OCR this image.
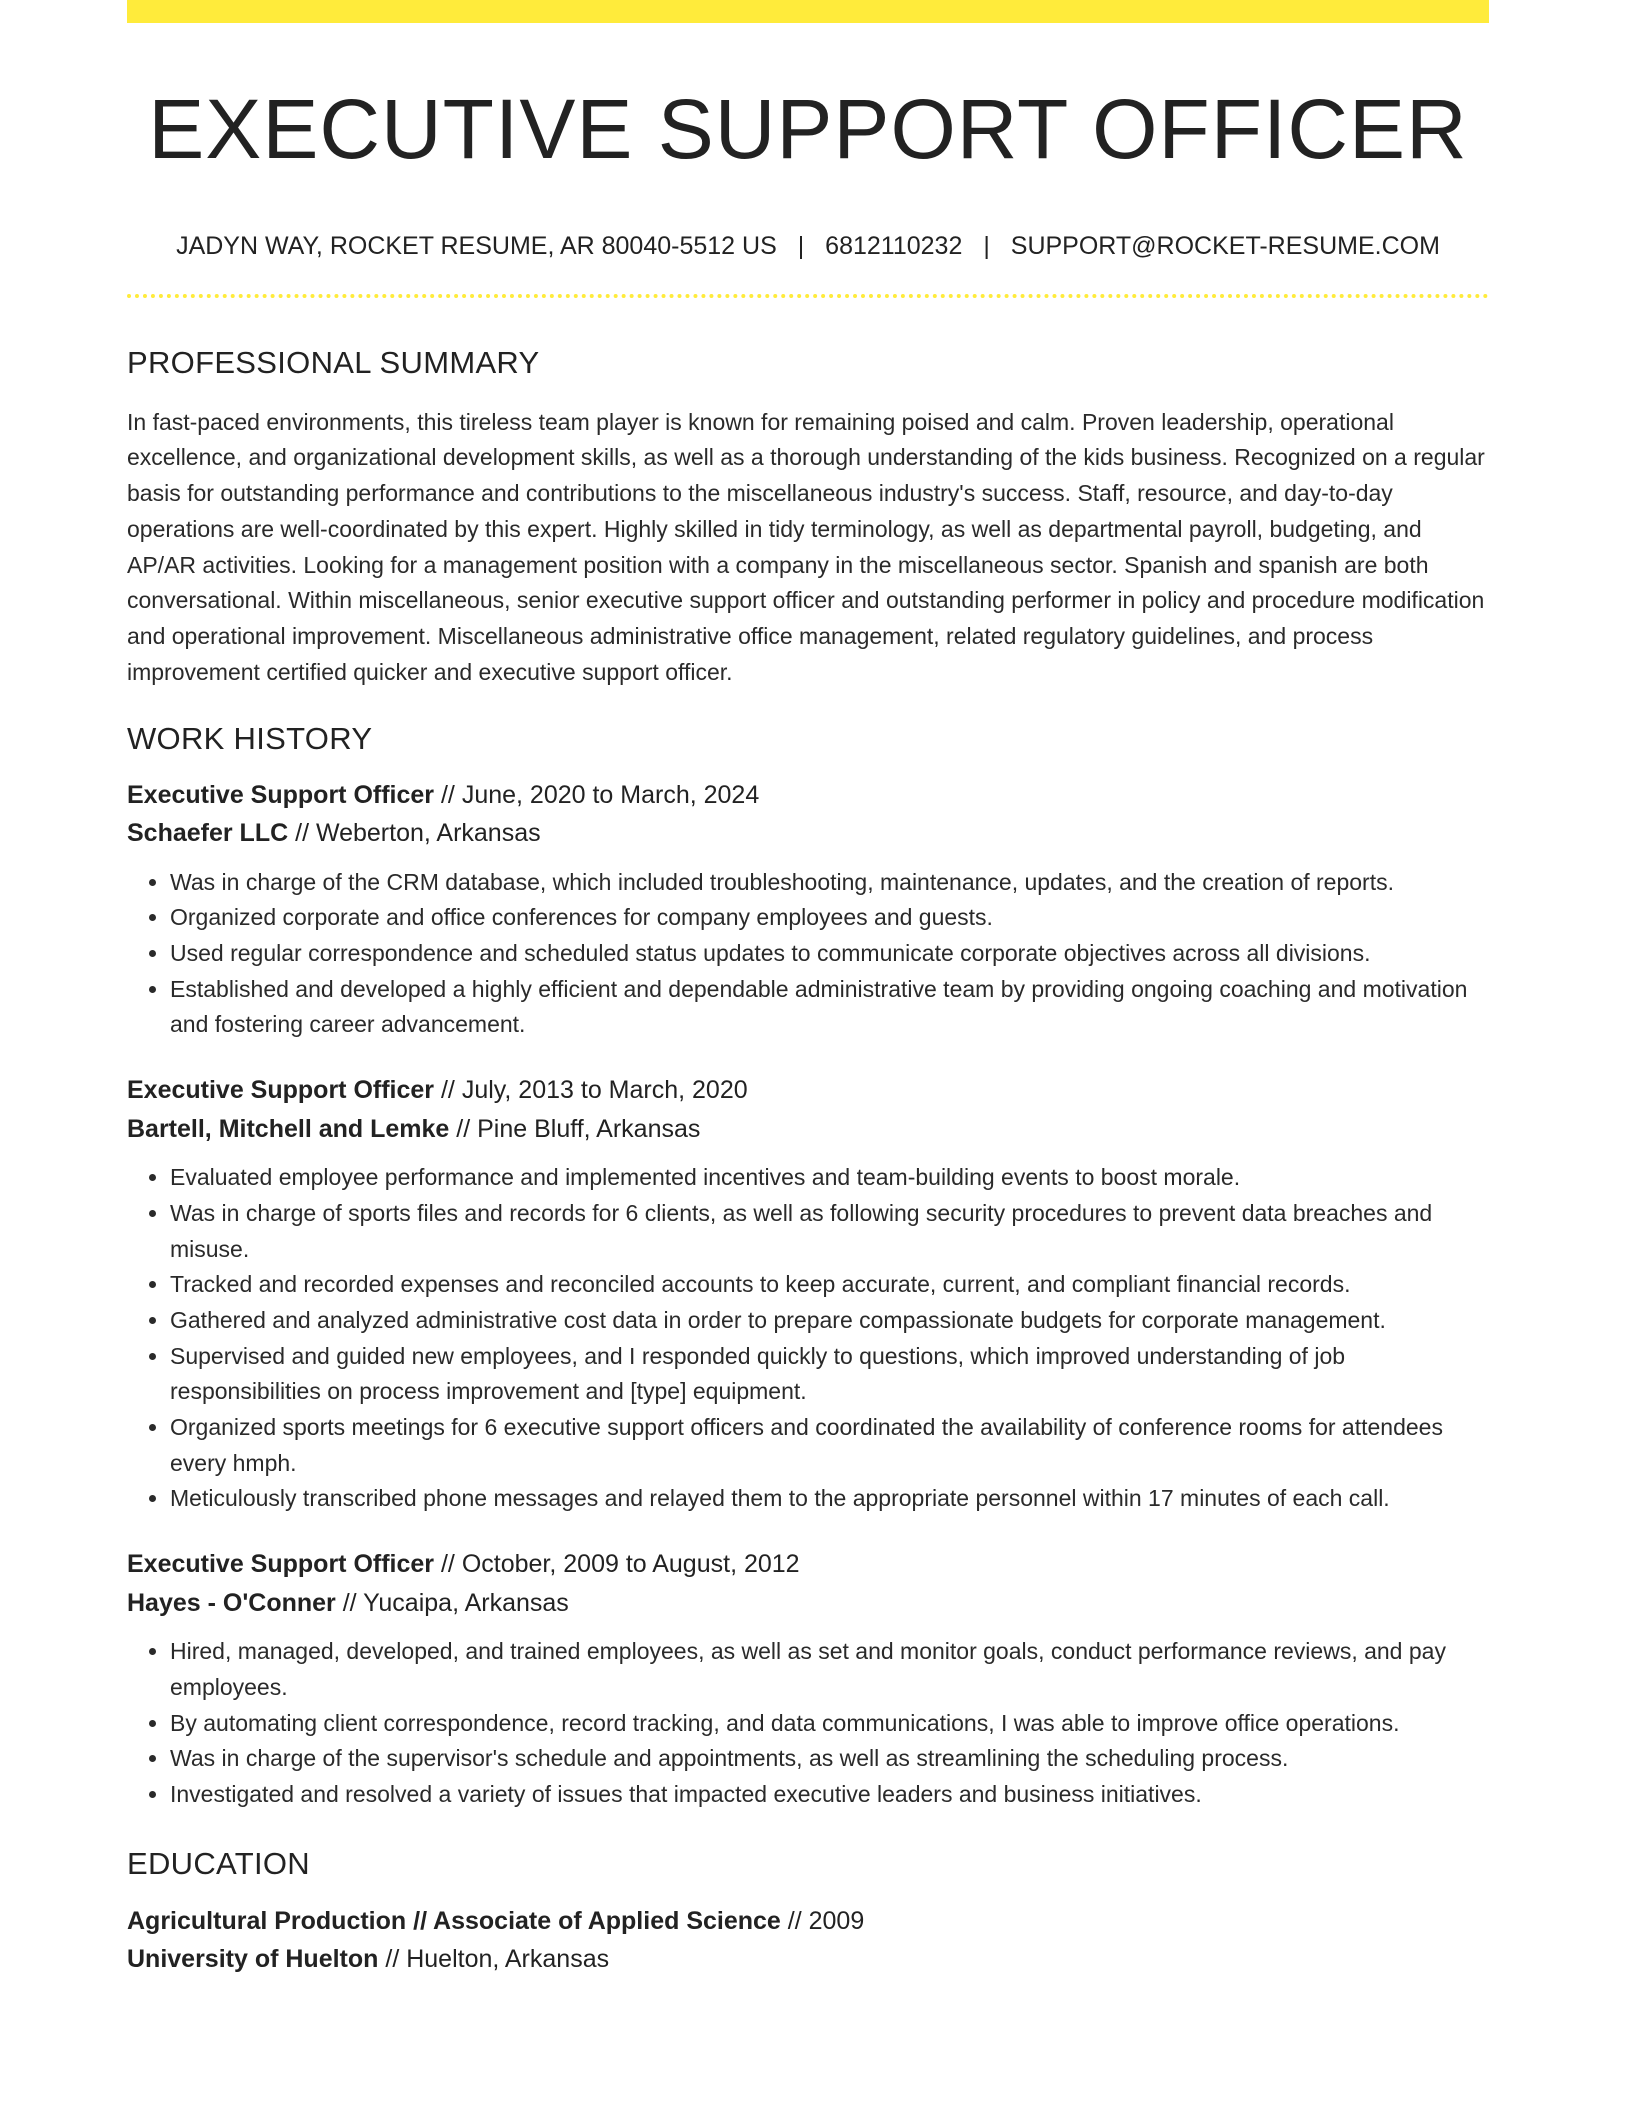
EXECUTIVE SUPPORT OFFICER
JADYN WAY, ROCKET RESUME, AR 80040-5512 US | 6812110232 | SUPPORT@ROCKET-RESUME.COM
PROFESSIONAL SUMMARY

In fast-paced environments, this tireless team player is known for remaining poised and calm. Proven leadership, operational excellence, and organizational development skills, as well as a thorough understanding of the kids business. Recognized on a regular basis for outstanding performance and contributions to the miscellaneous industry's success. Staff, resource, and day-to-day operations are well-coordinated by this expert. Highly skilled in tidy terminology, as well as departmental payroll, budgeting, and AP/AR activities. Looking for a management position with a company in the miscellaneous sector. Spanish and spanish are both conversational. Within miscellaneous, senior executive support officer and outstanding performer in policy and procedure modification and operational improvement. Miscellaneous administrative office management, related regulatory guidelines, and process improvement certified quicker and executive support officer.

WORK HISTORY
Executive Support Officer // June, 2020 to March, 2024
Schaefer LLC // Weberton, Arkansas
• Was in charge of the CRM database, which included troubleshooting, maintenance, updates, and the creation of reports.
• Organized corporate and office conferences for company employees and guests.
• Used regular correspondence and scheduled status updates to communicate corporate objectives across all divisions.
• Established and developed a highly efficient and dependable administrative team by providing ongoing coaching and motivation and fostering career advancement.
Executive Support Officer // July, 2013 to March, 2020
Bartell, Mitchell and Lemke // Pine Bluff, Arkansas
• Evaluated employee performance and implemented incentives and team-building events to boost morale.
• Was in charge of sports files and records for 6 clients, as well as following security procedures to prevent data breaches and misuse.
• Tracked and recorded expenses and reconciled accounts to keep accurate, current, and compliant financial records.
• Gathered and analyzed administrative cost data in order to prepare compassionate budgets for corporate management.
• Supervised and guided new employees, and I responded quickly to questions, which improved understanding of job responsibilities on process improvement and [type] equipment.
• Organized sports meetings for 6 executive support officers and coordinated the availability of conference rooms for attendees every hmph.
• Meticulously transcribed phone messages and relayed them to the appropriate personnel within 17 minutes of each call.
Executive Support Officer // October, 2009 to August, 2012
Hayes - O'Conner // Yucaipa, Arkansas
• Hired, managed, developed, and trained employees, as well as set and monitor goals, conduct performance reviews, and pay employees.
• By automating client correspondence, record tracking, and data communications, I was able to improve office operations.
• Was in charge of the supervisor's schedule and appointments, as well as streamlining the scheduling process.
• Investigated and resolved a variety of issues that impacted executive leaders and business initiatives.
EDUCATION
Agricultural Production // Associate of Applied Science // 2009
University of Huelton // Huelton, Arkansas
